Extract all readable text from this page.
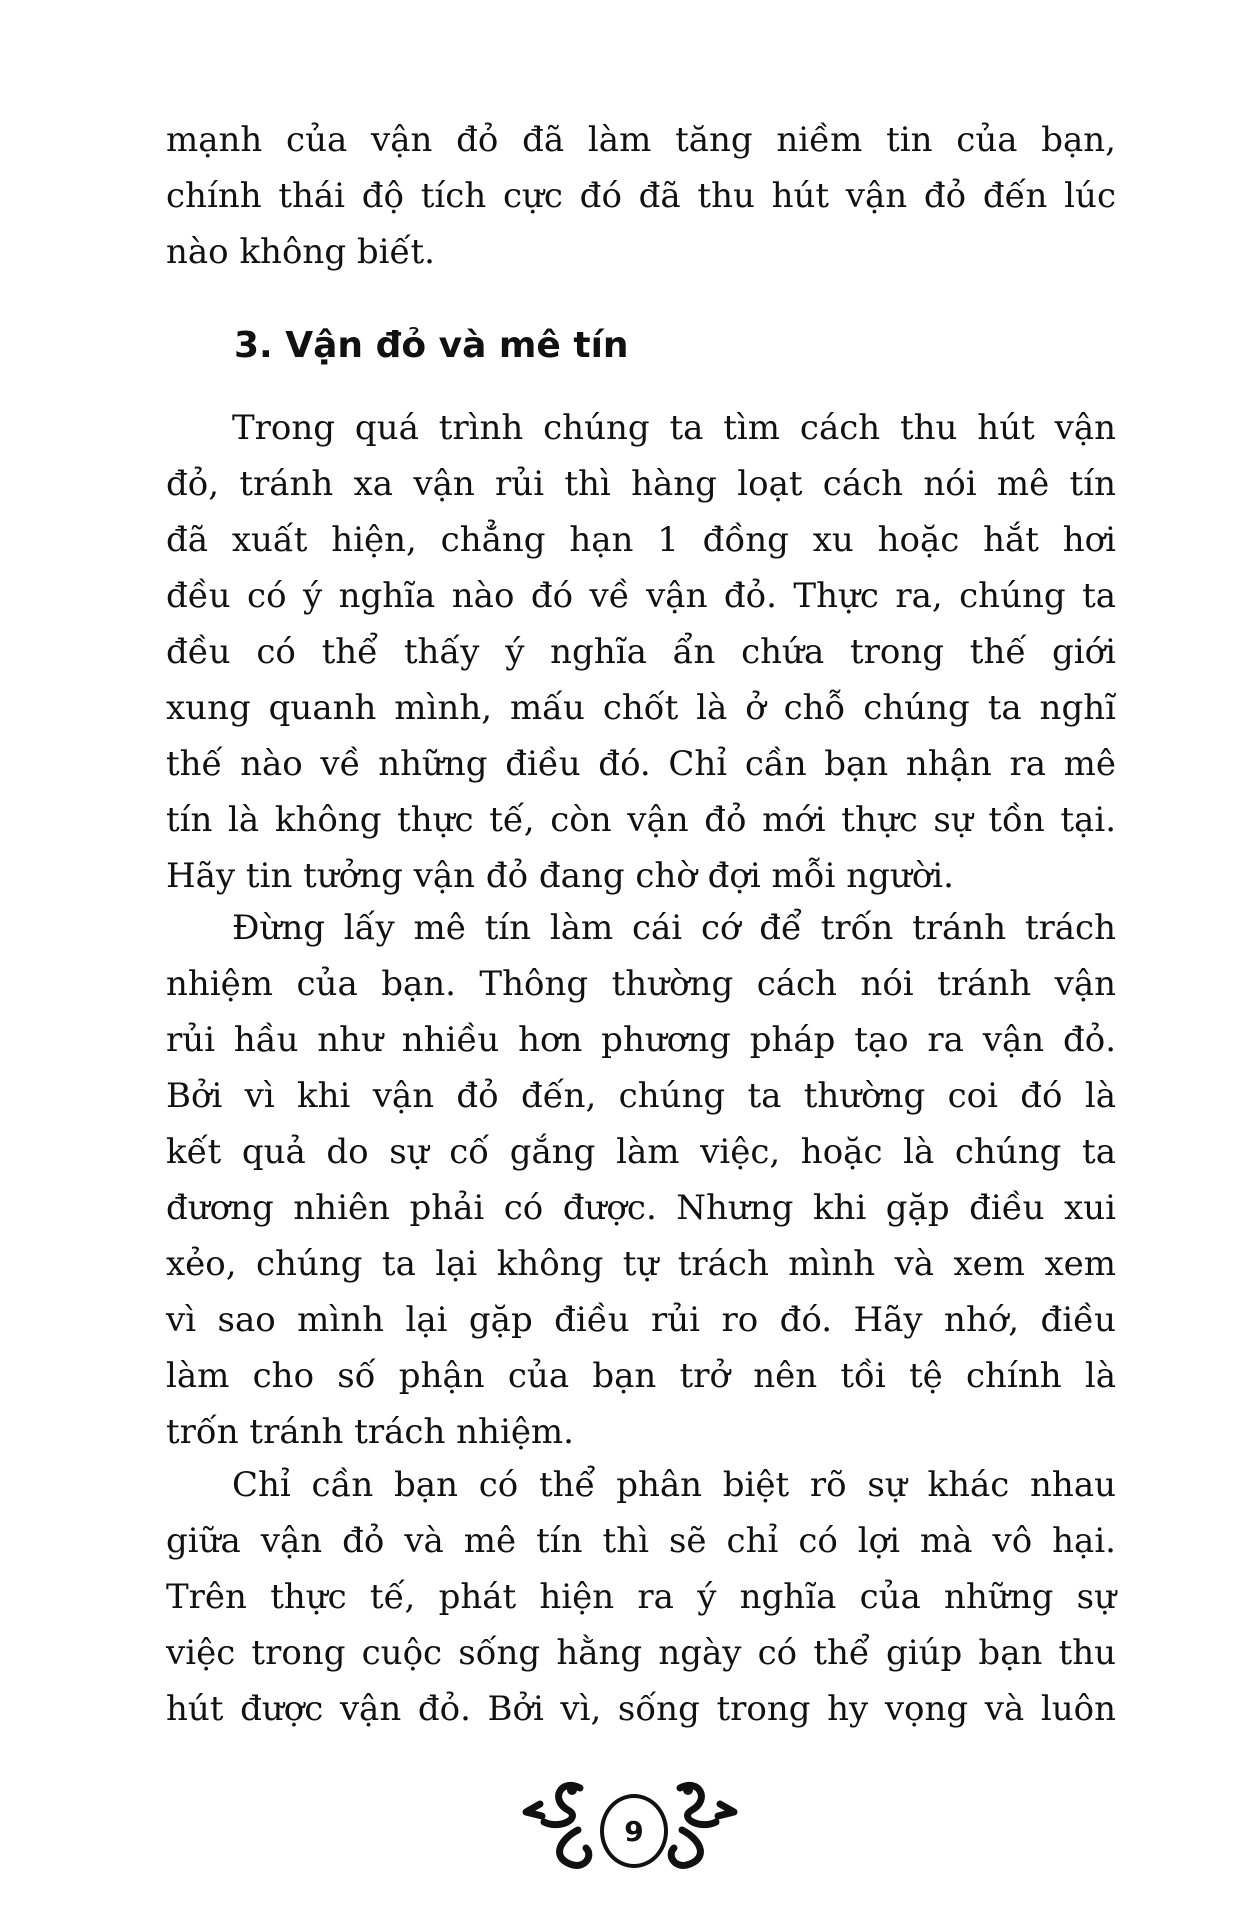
mạnh của vận đỏ đã làm tăng niềm tin của bạn,
chính thái độ tích cực đó đã thu hút vận đỏ đến lúc
nào không biết.
3. Vận đỏ và mê tín
Trong quá trình chúng ta tìm cách thu hút vận
đỏ, tránh xa vận rủi thì hàng loạt cách nói mê tín
đã xuất hiện, chẳng hạn 1 đồng xu hoặc hắt hơi
đều có ý nghĩa nào đó về vận đỏ. Thực ra, chúng ta
đều có thể thấy ý nghĩa ẩn chứa trong thế giới
xung quanh mình, mấu chốt là ở chỗ chúng ta nghĩ
thế nào về những điều đó. Chỉ cần bạn nhận ra mê
tín là không thực tế, còn vận đỏ mới thực sự tồn tại.
Hãy tin tưởng vận đỏ đang chờ đợi mỗi người.
Đừng lấy mê tín làm cái cớ để trốn tránh trách
nhiệm của bạn. Thông thường cách nói tránh vận
rủi hầu như nhiều hơn phương pháp tạo ra vận đỏ.
Bởi vì khi vận đỏ đến, chúng ta thường coi đó là
kết quả do sự cố gắng làm việc, hoặc là chúng ta
đương nhiên phải có được. Nhưng khi gặp điều xui
xẻo, chúng ta lại không tự trách mình và xem xem
vì sao mình lại gặp điều rủi ro đó. Hãy nhớ, điều
làm cho số phận của bạn trở nên tồi tệ chính là
trốn tránh trách nhiệm.
Chỉ cần bạn có thể phân biệt rõ sự khác nhau
giữa vận đỏ và mê tín thì sẽ chỉ có lợi mà vô hại.
Trên thực tế, phát hiện ra ý nghĩa của những sự
việc trong cuộc sống hằng ngày có thể giúp bạn thu
hút được vận đỏ. Bởi vì, sống trong hy vọng và luôn
9
